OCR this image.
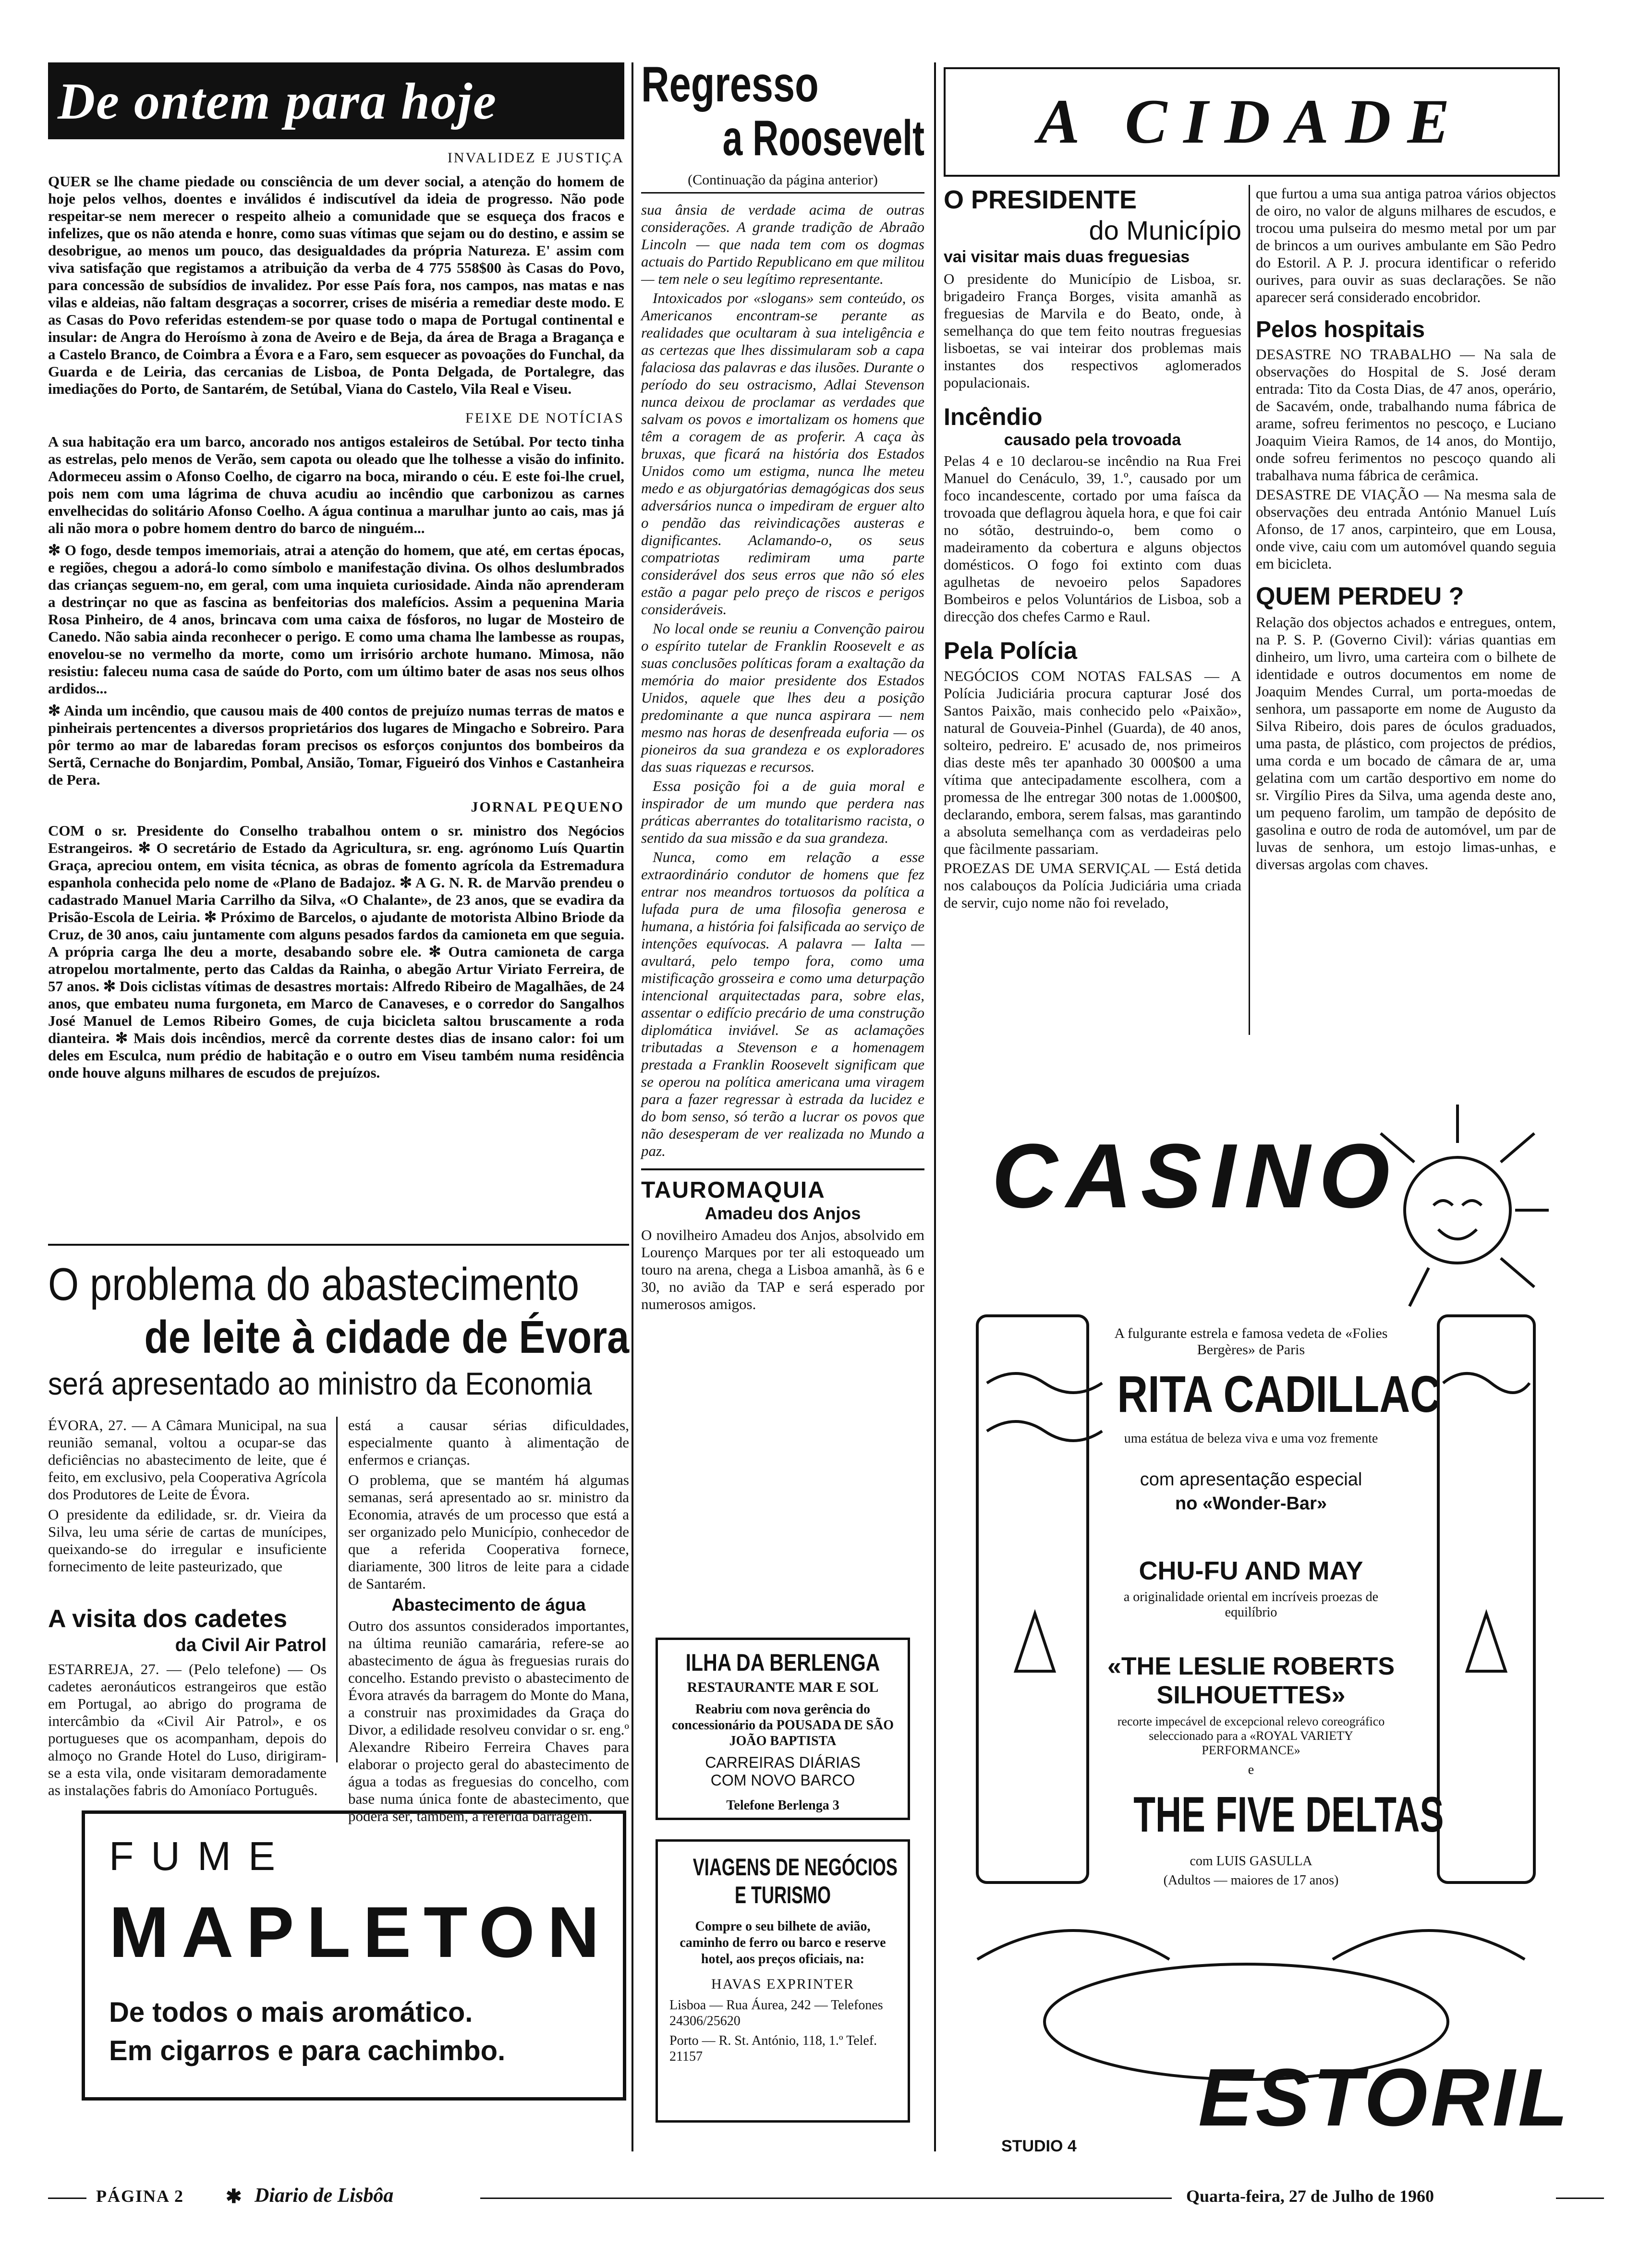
De ontem para hoje
INVALIDEZ E JUSTIÇA
QUER se lhe chame piedade ou consciência de um dever social, a atenção do homem de hoje pelos velhos, doentes e inválidos é indiscutível da ideia de progresso. Não pode respeitar-se nem merecer o respeito alheio a comunidade que se esqueça dos fracos e infelizes, que os não atenda e honre, como suas vítimas que sejam ou do destino, e assim se desobrigue, ao menos um pouco, das desigualdades da própria Natureza. E' assim com viva satisfação que registamos a atribuição da verba de 4 775 558$00 às Casas do Povo, para concessão de subsídios de invalidez. Por esse País fora, nos campos, nas matas e nas vilas e aldeias, não faltam desgraças a socorrer, crises de miséria a remediar deste modo. E as Casas do Povo referidas estendem-se por quase todo o mapa de Portugal continental e insular: de Angra do Heroísmo à zona de Aveiro e de Beja, da área de Braga a Bragança e a Castelo Branco, de Coimbra a Évora e a Faro, sem esquecer as povoações do Funchal, da Guarda e de Leiria, das cercanias de Lisboa, de Ponta Delgada, de Portalegre, das imediações do Porto, de Santarém, de Setúbal, Viana do Castelo, Vila Real e Viseu.
FEIXE DE NOTÍCIAS
A sua habitação era um barco, ancorado nos antigos estaleiros de Setúbal. Por tecto tinha as estrelas, pelo menos de Verão, sem capota ou oleado que lhe tolhesse a visão do infinito. Adormeceu assim o Afonso Coelho, de cigarro na boca, mirando o céu. E este foi-lhe cruel, pois nem com uma lágrima de chuva acudiu ao incêndio que carbonizou as carnes envelhecidas do solitário Afonso Coelho. A água continua a marulhar junto ao cais, mas já ali não mora o pobre homem dentro do barco de ninguém...
✻ O fogo, desde tempos imemoriais, atrai a atenção do homem, que até, em certas épocas, e regiões, chegou a adorá-lo como símbolo e manifestação divina. Os olhos deslumbrados das crianças seguem-no, em geral, com uma inquieta curiosidade. Ainda não aprenderam a destrinçar no que as fascina as benfeitorias dos malefícios. Assim a pequenina Maria Rosa Pinheiro, de 4 anos, brincava com uma caixa de fósforos, no lugar de Mosteiro de Canedo. Não sabia ainda reconhecer o perigo. E como uma chama lhe lambesse as roupas, enovelou-se no vermelho da morte, como um irrisório archote humano. Mimosa, não resistiu: faleceu numa casa de saúde do Porto, com um último bater de asas nos seus olhos ardidos...
✻ Ainda um incêndio, que causou mais de 400 contos de prejuízo numas terras de matos e pinheirais pertencentes a diversos proprietários dos lugares de Mingacho e Sobreiro. Para pôr termo ao mar de labaredas foram precisos os esforços conjuntos dos bombeiros da Sertã, Cernache do Bonjardim, Pombal, Ansião, Tomar, Figueiró dos Vinhos e Castanheira de Pera.
JORNAL PEQUENO
COM o sr. Presidente do Conselho trabalhou ontem o sr. ministro dos Negócios Estrangeiros. ✻ O secretário de Estado da Agricultura, sr. eng. agrónomo Luís Quartin Graça, apreciou ontem, em visita técnica, as obras de fomento agrícola da Estremadura espanhola conhecida pelo nome de «Plano de Badajoz. ✻ A G. N. R. de Marvão prendeu o cadastrado Manuel Maria Carrilho da Silva, «O Chalante», de 23 anos, que se evadira da Prisão-Escola de Leiria. ✻ Próximo de Barcelos, o ajudante de motorista Albino Briode da Cruz, de 30 anos, caiu juntamente com alguns pesados fardos da camioneta em que seguia. A própria carga lhe deu a morte, desabando sobre ele. ✻ Outra camioneta de carga atropelou mortalmente, perto das Caldas da Rainha, o abegão Artur Viriato Ferreira, de 57 anos. ✻ Dois ciclistas vítimas de desastres mortais: Alfredo Ribeiro de Magalhães, de 24 anos, que embateu numa furgoneta, em Marco de Canaveses, e o corredor do Sangalhos José Manuel de Lemos Ribeiro Gomes, de cuja bicicleta saltou bruscamente a roda dianteira. ✻ Mais dois incêndios, mercê da corrente destes dias de insano calor: foi um deles em Esculca, num prédio de habitação e o outro em Viseu também numa residência onde houve alguns milhares de escudos de prejuízos.
O problema do abastecimento
de leite à cidade de Évora
será apresentado ao ministro da Economia

ÉVORA, 27. — A Câmara Municipal, na sua reunião semanal, voltou a ocupar-se das deficiências no abastecimento de leite, que é feito, em exclusivo, pela Cooperativa Agrícola dos Produtores de Leite de Évora.

O presidente da edilidade, sr. dr. Vieira da Silva, leu uma série de cartas de munícipes, queixando-se do irregular e insuficiente fornecimento de leite pasteurizado, que

está a causar sérias dificuldades, especialmente quanto à alimentação de enfermos e crianças.

O problema, que se mantém há algumas semanas, será apresentado ao sr. ministro da Economia, através de um processo que está a ser organizado pelo Município, conhecedor de que a referida Cooperativa fornece, diariamente, 300 litros de leite para a cidade de Santarém.

Abastecimento de água

Outro dos assuntos considerados importantes, na última reunião camarária, refere-se ao abastecimento de água às freguesias rurais do concelho. Estando previsto o abastecimento de Évora através da barragem do Monte do Mana, a construir nas proximidades da Graça do Divor, a edilidade resolveu convidar o sr. eng.º Alexandre Ribeiro Ferreira Chaves para elaborar o projecto geral do abastecimento de água a todas as freguesias do concelho, com base numa única fonte de abastecimento, que poderá ser, também, a referida barragem.

A visita dos cadetes
da Civil Air Patrol
ESTARREJA, 27. — (Pelo telefone) — Os cadetes aeronáuticos estrangeiros que estão em Portugal, ao abrigo do programa de intercâmbio da «Civil Air Patrol», e os portugueses que os acompanham, depois do almoço no Grande Hotel do Luso, dirigiram-se a esta vila, onde visitaram demoradamente as instalações fabris do Amoníaco Português.
FUME
MAPLETON
De todos o mais aromático.
Em cigarros e para cachimbo.
Regresso
a Roosevelt
(Continuação da página anterior)
sua ânsia de verdade acima de outras considerações. A grande tradição de Abraão Lincoln — que nada tem com os dogmas actuais do Partido Republicano em que militou — tem nele o seu legítimo representante.
Intoxicados por «slogans» sem conteúdo, os Americanos encontram-se perante as realidades que ocultaram à sua inteligência e as certezas que lhes dissimularam sob a capa falaciosa das palavras e das ilusões. Durante o período do seu ostracismo, Adlai Stevenson nunca deixou de proclamar as verdades que salvam os povos e imortalizam os homens que têm a coragem de as proferir. A caça às bruxas, que ficará na história dos Estados Unidos como um estigma, nunca lhe meteu medo e as objurgatórias demagógicas dos seus adversários nunca o impediram de erguer alto o pendão das reivindicações austeras e dignificantes. Aclamando-o, os seus compatriotas redimiram uma parte considerável dos seus erros que não só eles estão a pagar pelo preço de riscos e perigos consideráveis.
No local onde se reuniu a Convenção pairou o espírito tutelar de Franklin Roosevelt e as suas conclusões políticas foram a exaltação da memória do maior presidente dos Estados Unidos, aquele que lhes deu a posição predominante a que nunca aspirara — nem mesmo nas horas de desenfreada euforia — os pioneiros da sua grandeza e os exploradores das suas riquezas e recursos.
Essa posição foi a de guia moral e inspirador de um mundo que perdera nas práticas aberrantes do totalitarismo racista, o sentido da sua missão e da sua grandeza.
Nunca, como em relação a esse extraordinário condutor de homens que fez entrar nos meandros tortuosos da política a lufada pura de uma filosofia generosa e humana, a história foi falsificada ao serviço de intenções equívocas. A palavra — Ialta — avultará, pelo tempo fora, como uma mistificação grosseira e como uma deturpação intencional arquitectadas para, sobre elas, assentar o edifício precário de uma construção diplomática inviável. Se as aclamações tributadas a Stevenson e a homenagem prestada a Franklin Roosevelt significam que se operou na política americana uma viragem para a fazer regressar à estrada da lucidez e do bom senso, só terão a lucrar os povos que não desesperam de ver realizada no Mundo a paz.
TAUROMAQUIA
Amadeu dos Anjos
O novilheiro Amadeu dos Anjos, absolvido em Lourenço Marques por ter ali estoqueado um touro na arena, chega a Lisboa amanhã, às 6 e 30, no avião da TAP e será esperado por numerosos amigos.
ILHA DA BERLENGA
RESTAURANTE MAR E SOL
Reabriu com nova gerência do concessionário da POUSADA DE SÃO JOÃO BAPTISTA
CARREIRAS DIÁRIAS
COM NOVO BARCO
Telefone Berlenga 3
VIAGENS DE NEGÓCIOS
E TURISMO
Compre o seu bilhete de avião, caminho de ferro ou barco e reserve hotel, aos preços oficiais, na:
HAVAS EXPRINTER
Lisboa — Rua Áurea, 242 — Telefones 24306/25620
Porto — R. St. António, 118, 1.º Telef. 21157
A CIDADE
O PRESIDENTE
do Município
vai visitar mais duas freguesias
O presidente do Município de Lisboa, sr. brigadeiro França Borges, visita amanhã as freguesias de Marvila e do Beato, onde, à semelhança do que tem feito noutras freguesias lisboetas, se vai inteirar dos problemas mais instantes dos respectivos aglomerados populacionais.
Incêndio
causado pela trovoada
Pelas 4 e 10 declarou-se incêndio na Rua Frei Manuel do Cenáculo, 39, 1.º, causado por um foco incandescente, cortado por uma faísca da trovoada que deflagrou àquela hora, e que foi cair no sótão, destruindo-o, bem como o madeiramento da cobertura e alguns objectos domésticos. O fogo foi extinto com duas agulhetas de nevoeiro pelos Sapadores Bombeiros e pelos Voluntários de Lisboa, sob a direcção dos chefes Carmo e Raul.
Pela Polícia
NEGÓCIOS COM NOTAS FALSAS — A Polícia Judiciária procura capturar José dos Santos Paixão, mais conhecido pelo «Paixão», natural de Gouveia-Pinhel (Guarda), de 40 anos, solteiro, pedreiro. E' acusado de, nos primeiros dias deste mês ter apanhado 30 000$00 a uma vítima que antecipadamente escolhera, com a promessa de lhe entregar 300 notas de 1.000$00, declarando, embora, serem falsas, mas garantindo a absoluta semelhança com as verdadeiras pelo que fàcilmente passariam.
PROEZAS DE UMA SERVIÇAL — Está detida nos calabouços da Polícia Judiciária uma criada de servir, cujo nome não foi revelado,
que furtou a uma sua antiga patroa vários objectos de oiro, no valor de alguns milhares de escudos, e trocou uma pulseira do mesmo metal por um par de brincos a um ourives ambulante em São Pedro do Estoril. A P. J. procura identificar o referido ourives, para ouvir as suas declarações. Se não aparecer será considerado encobridor.
Pelos hospitais
DESASTRE NO TRABALHO — Na sala de observações do Hospital de S. José deram entrada: Tito da Costa Dias, de 47 anos, operário, de Sacavém, onde, trabalhando numa fábrica de arame, sofreu ferimentos no pescoço, e Luciano Joaquim Vieira Ramos, de 14 anos, do Montijo, onde sofreu ferimentos no pescoço quando ali trabalhava numa fábrica de cerâmica.
DESASTRE DE VIAÇÃO — Na mesma sala de observações deu entrada António Manuel Luís Afonso, de 17 anos, carpinteiro, que em Lousa, onde vive, caiu com um automóvel quando seguia em bicicleta.
QUEM PERDEU ?
Relação dos objectos achados e entregues, ontem, na P. S. P. (Governo Civil): várias quantias em dinheiro, um livro, uma carteira com o bilhete de identidade e outros documentos em nome de Joaquim Mendes Curral, um porta-moedas de senhora, um passaporte em nome de Augusto da Silva Ribeiro, dois pares de óculos graduados, uma pasta, de plástico, com projectos de prédios, uma corda e um bocado de câmara de ar, uma gelatina com um cartão desportivo em nome do sr. Virgílio Pires da Silva, uma agenda deste ano, um pequeno farolim, um tampão de depósito de gasolina e outro de roda de automóvel, um par de luvas de senhora, um estojo limas-unhas, e diversas argolas com chaves.
CASINO
A fulgurante estrela e famosa vedeta de «Folies Bergères» de Paris
RITA CADILLAC
uma estátua de beleza viva e uma voz fremente
com apresentação especial
no «Wonder-Bar»
CHU-FU AND MAY
a originalidade oriental em incríveis proezas de equilíbrio
«THE LESLIE ROBERTS
SILHOUETTES»
recorte impecável de excepcional relevo coreográfico seleccionado para a «ROYAL VARIETY PERFORMANCE»
e
THE FIVE DELTAS
com LUIS GASULLA
(Adultos — maiores de 17 anos)
ESTORIL
STUDIO 4
PÁGINA 2 ✱ Diario de Lisbôa	Quarta-feira, 27 de Julho de 1960
